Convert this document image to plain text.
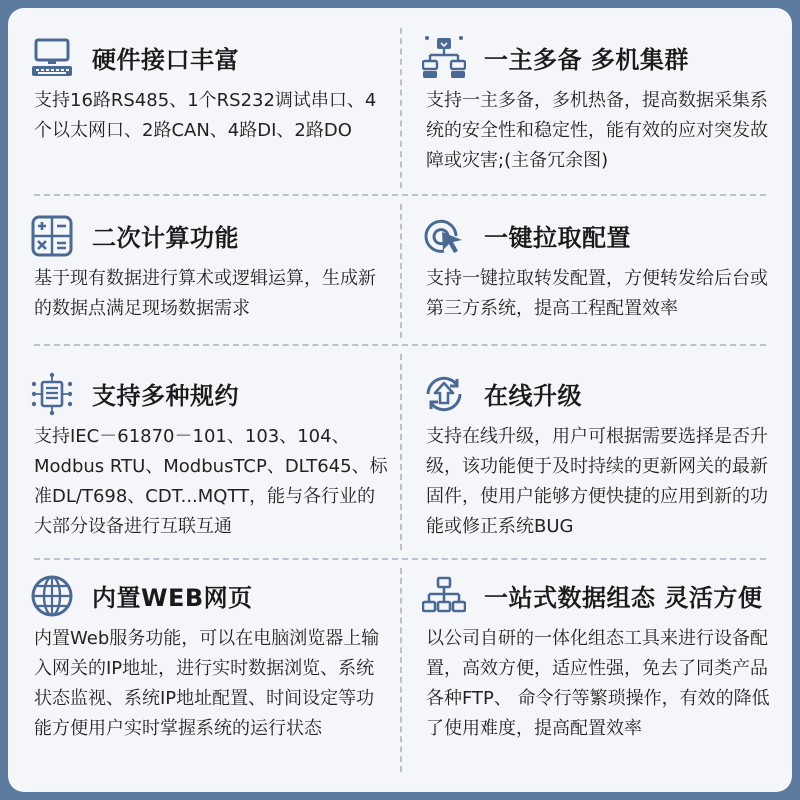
硬件接口丰富
支持16路RS485、1个RS232调试串口、4个以太网口、2路CAN、4路DI、2路DO
一主多备 多机集群
支持一主多备，多机热备，提高数据采集系统的安全性和稳定性，能有效的应对突发故障或灾害;(主备冗余图)
二次计算功能
基于现有数据进行算术或逻辑运算，生成新的数据点满足现场数据需求
一键拉取配置
支持一键拉取转发配置，方便转发给后台或第三方系统，提高工程配置效率
支持多种规约
支持IEC－61870－101、103、104、Modbus RTU、ModbusTCP、DLT645、标准DL/T698、CDT...MQTT，能与各行业的大部分设备进行互联互通
在线升级
支持在线升级，用户可根据需要选择是否升级，该功能便于及时持续的更新网关的最新固件，使用户能够方便快捷的应用到新的功能或修正系统BUG
内置WEB网页
内置Web服务功能，可以在电脑浏览器上输入网关的IP地址，进行实时数据浏览、系统状态监视、系统IP地址配置、时间设定等功能方便用户实时掌握系统的运行状态
一站式数据组态 灵活方便
以公司自研的一体化组态工具来进行设备配置，高效方便，适应性强，免去了同类产品各种FTP、 命令行等繁琐操作，有效的降低了使用难度，提高配置效率
